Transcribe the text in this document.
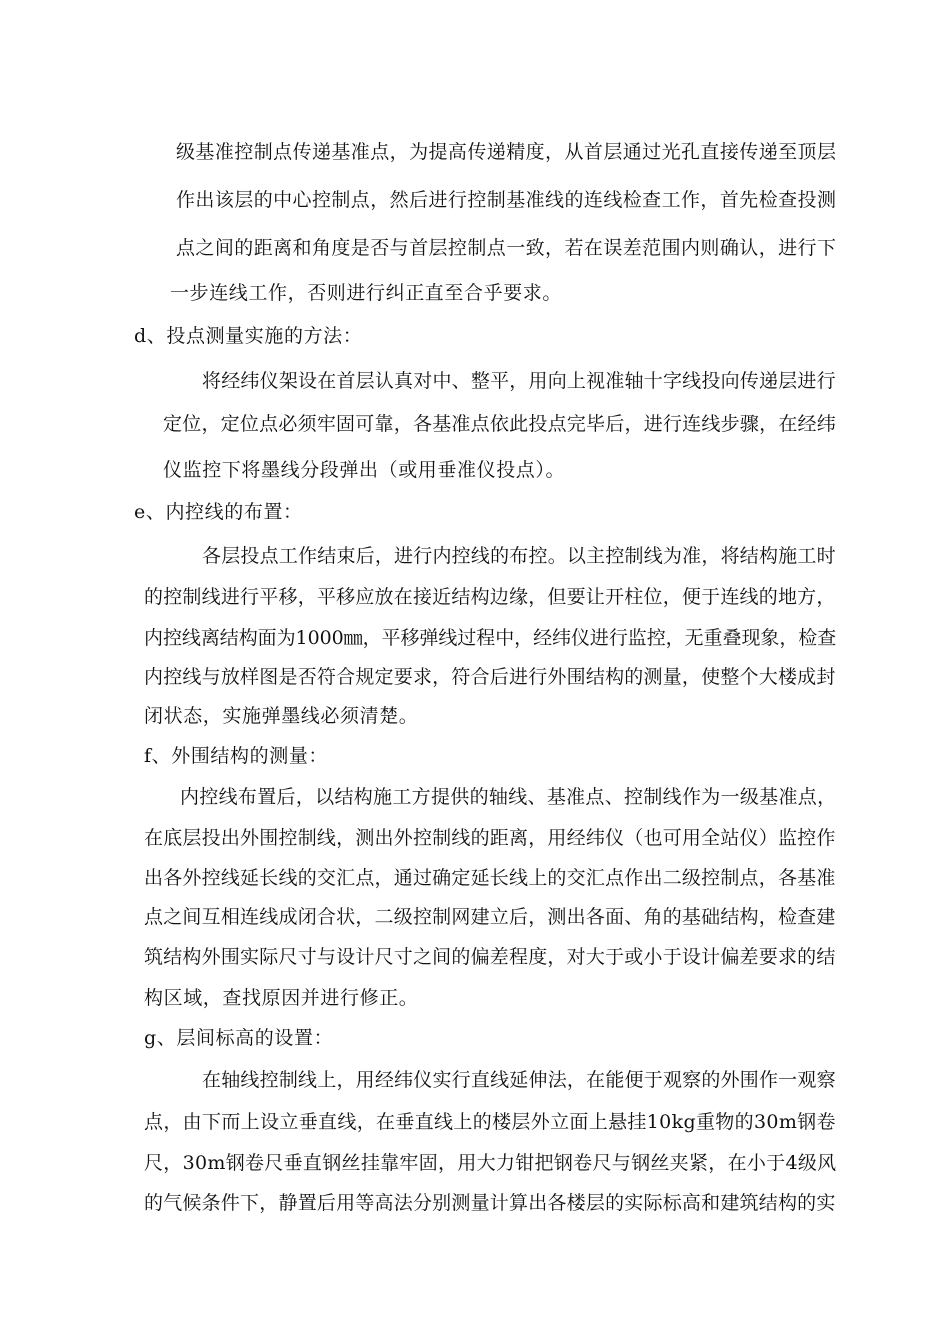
级基准控制点传递基准点，为提高传递精度，从首层通过光孔直接传递至顶层
作出该层的中心控制点，然后进行控制基准线的连线检查工作，首先检查投测
点之间的距离和角度是否与首层控制点一致，若在误差范围内则确认，进行下
一步连线工作，否则进行纠正直至合乎要求。
d、投点测量实施的方法：
将经纬仪架设在首层认真对中、整平，用向上视准轴十字线投向传递层进行
定位，定位点必须牢固可靠，各基准点依此投点完毕后，进行连线步骤，在经纬
仪监控下将墨线分段弹出（或用垂准仪投点）。
e、内控线的布置：
各层投点工作结束后，进行内控线的布控。以主控制线为准，将结构施工时
的控制线进行平移，平移应放在接近结构边缘，但要让开柱位，便于连线的地方，
内控线离结构面为1000㎜，平移弹线过程中，经纬仪进行监控，无重叠现象，检查
内控线与放样图是否符合规定要求，符合后进行外围结构的测量，使整个大楼成封
闭状态，实施弹墨线必须清楚。
f、外围结构的测量：
内控线布置后，以结构施工方提供的轴线、基准点、控制线作为一级基准点，
在底层投出外围控制线，测出外控制线的距离，用经纬仪（也可用全站仪）监控作
出各外控线延长线的交汇点，通过确定延长线上的交汇点作出二级控制点，各基准
点之间互相连线成闭合状，二级控制网建立后，测出各面、角的基础结构，检查建
筑结构外围实际尺寸与设计尺寸之间的偏差程度，对大于或小于设计偏差要求的结
构区域，查找原因并进行修正。
g、层间标高的设置：
在轴线控制线上，用经纬仪实行直线延伸法，在能便于观察的外围作一观察
点，由下而上设立垂直线，在垂直线上的楼层外立面上悬挂10kg重物的30m钢卷
尺，30m钢卷尺垂直钢丝挂靠牢固，用大力钳把钢卷尺与钢丝夹紧，在小于4级风
的气候条件下，静置后用等高法分别测量计算出各楼层的实际标高和建筑结构的实
